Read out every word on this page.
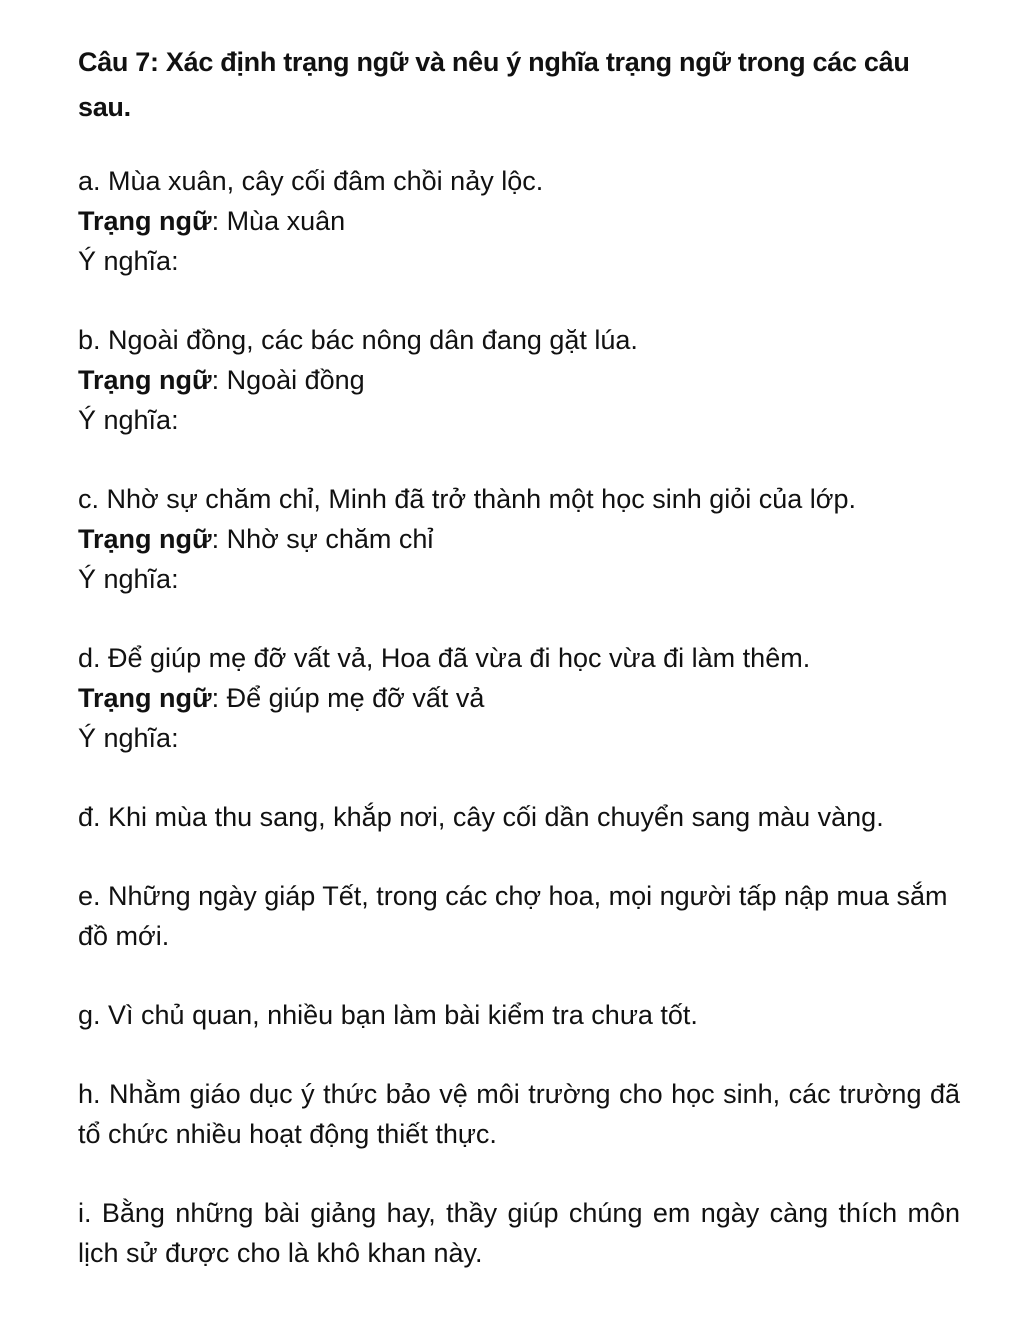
Câu 7: Xác định trạng ngữ và nêu ý nghĩa trạng ngữ trong các câu sau.
a. Mùa xuân, cây cối đâm chồi nảy lộc.
Trạng ngữ: Mùa xuân
Ý nghĩa:
b. Ngoài đồng, các bác nông dân đang gặt lúa.
Trạng ngữ: Ngoài đồng
Ý nghĩa:
c. Nhờ sự chăm chỉ, Minh đã trở thành một học sinh giỏi của lớp.
Trạng ngữ: Nhờ sự chăm chỉ
Ý nghĩa:
d. Để giúp mẹ đỡ vất vả, Hoa đã vừa đi học vừa đi làm thêm.
Trạng ngữ: Để giúp mẹ đỡ vất vả
Ý nghĩa:
đ. Khi mùa thu sang, khắp nơi, cây cối dần chuyển sang màu vàng.
e. Những ngày giáp Tết, trong các chợ hoa, mọi người tấp nập mua sắm
đồ mới.
g. Vì chủ quan, nhiều bạn làm bài kiểm tra chưa tốt.
h. Nhằm giáo dục ý thức bảo vệ môi trường cho học sinh, các trường đã tổ chức nhiều hoạt động thiết thực.
i. Bằng những bài giảng hay, thầy giúp chúng em ngày càng thích môn lịch sử được cho là khô khan này.
